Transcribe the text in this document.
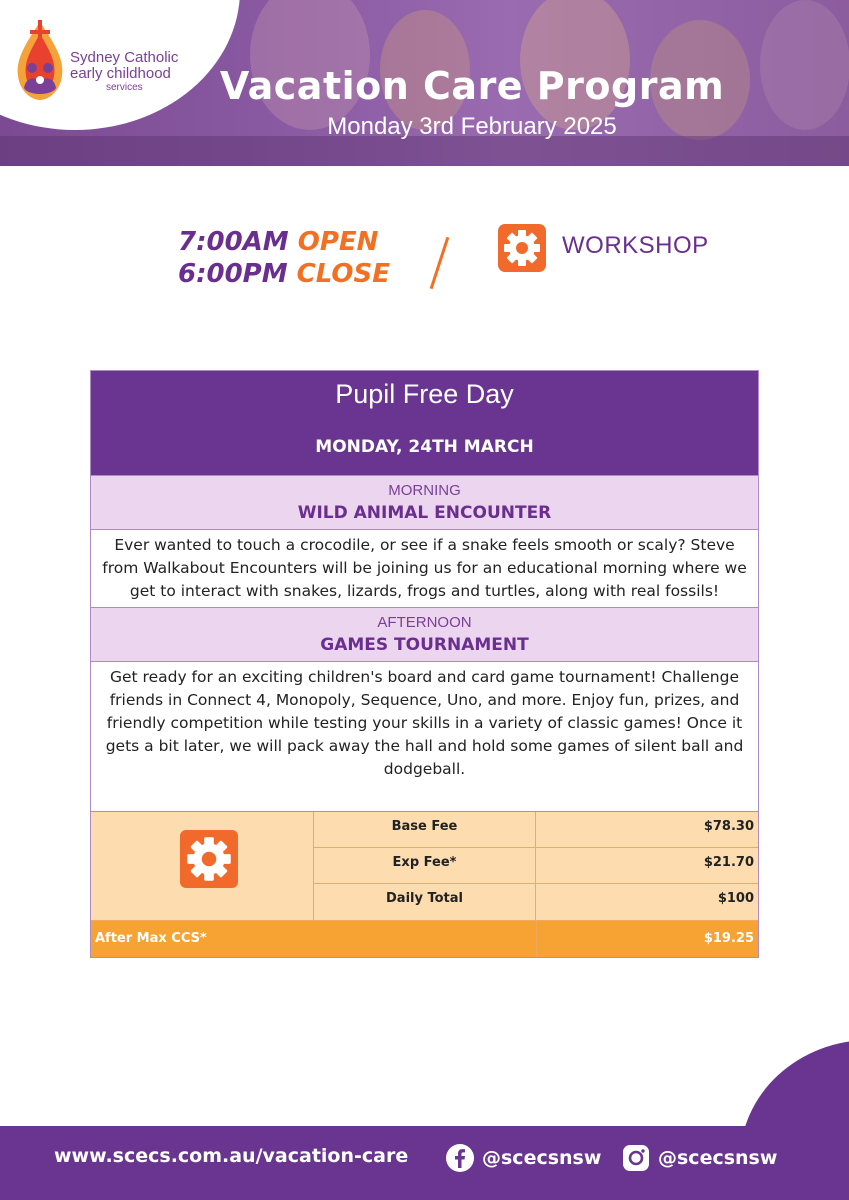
Sydney Catholic
early childhood
services	Vacation Care Program
Monday 3rd February 2025
7:00AM OPEN
6:00PM CLOSE
WORKSHOP
Pupil Free Day
MONDAY, 24TH MARCH
MORNING
WILD ANIMAL ENCOUNTER
Ever wanted to touch a crocodile, or see if a snake feels smooth or scaly? Steve from Walkabout Encounters will be joining us for an educational morning where we get to interact with snakes, lizards, frogs and turtles, along with real fossils!
AFTERNOON
GAMES TOURNAMENT
Get ready for an exciting children's board and card game tournament! Challenge friends in Connect 4, Monopoly, Sequence, Uno, and more. Enjoy fun, prizes, and friendly competition while testing your skills in a variety of classic games! Once it gets a bit later, we will pack away the hall and hold some games of silent ball and dodgeball.
Base Fee	$78.30
Exp Fee*	$21.70
Daily Total	$100
After Max CCS*	$19.25
www.scecs.com.au/vacation-care	@scecsnsw	@scecsnsw
